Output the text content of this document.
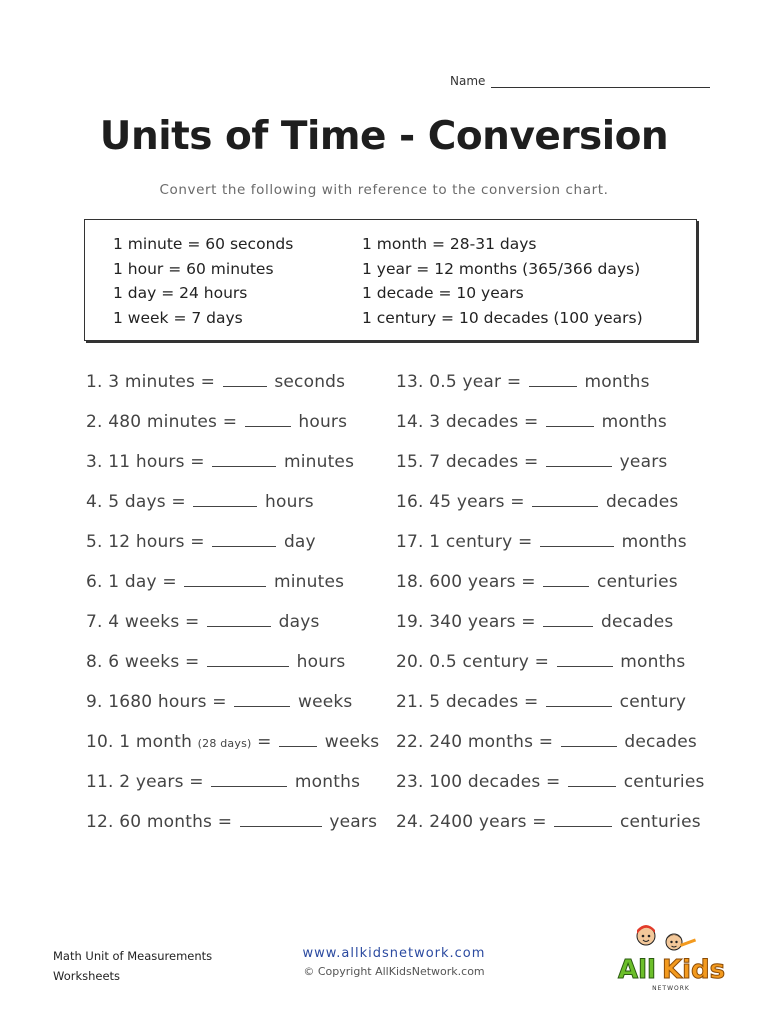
Name
Units of Time - Conversion
Convert the following with reference to the conversion chart.
1 minute = 60 seconds
1 hour = 60 minutes
1 day = 24 hours
1 week = 7 days
1 month = 28-31 days
1 year = 12 months (365/366 days)
1 decade = 10 years
1 century = 10 decades (100 years)
1. 3 minutes =	seconds
2. 480 minutes =	hours
3. 11 hours =	minutes
4. 5 days =	hours
5. 12 hours =	day
6. 1 day =	minutes
7. 4 weeks =	days
8. 6 weeks =	hours
9. 1680 hours =	weeks
10. 1 month (28 days) =	weeks
11. 2 years =	months
12. 60 months =	years
13. 0.5 year =	months
14. 3 decades =	months
15. 7 decades =	years
16. 45 years =	decades
17. 1 century =	months
18. 600 years =	centuries
19. 340 years =	decades
20. 0.5 century =	months
21. 5 decades =	century
22. 240 months =	decades
23. 100 decades =	centuries
24. 2400 years =	centuries
Math Unit of Measurements
Worksheets
www.allkidsnetwork.com
© Copyright AllKidsNetwork.com	All Kids
NETWORK
